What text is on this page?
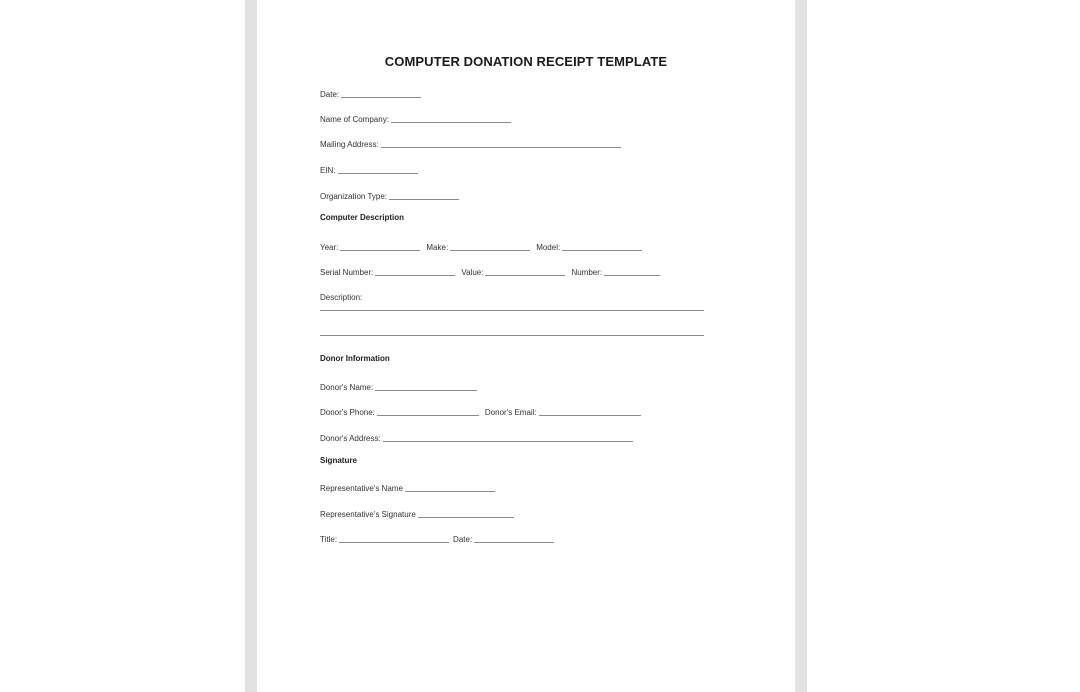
COMPUTER DONATION RECEIPT TEMPLATE
Date:
Name of Company:
Mailing Address:
EIN:
Organization Type:
Computer Description
Year:	Make:	Model:
Serial Number:	Value:	Number:
Description:
Donor Information
Donor's Name:
Donor's Phone:	Donor's Email:
Donor's Address:
Signature
Representative's Name
Representative's Signature
Title:	Date:
